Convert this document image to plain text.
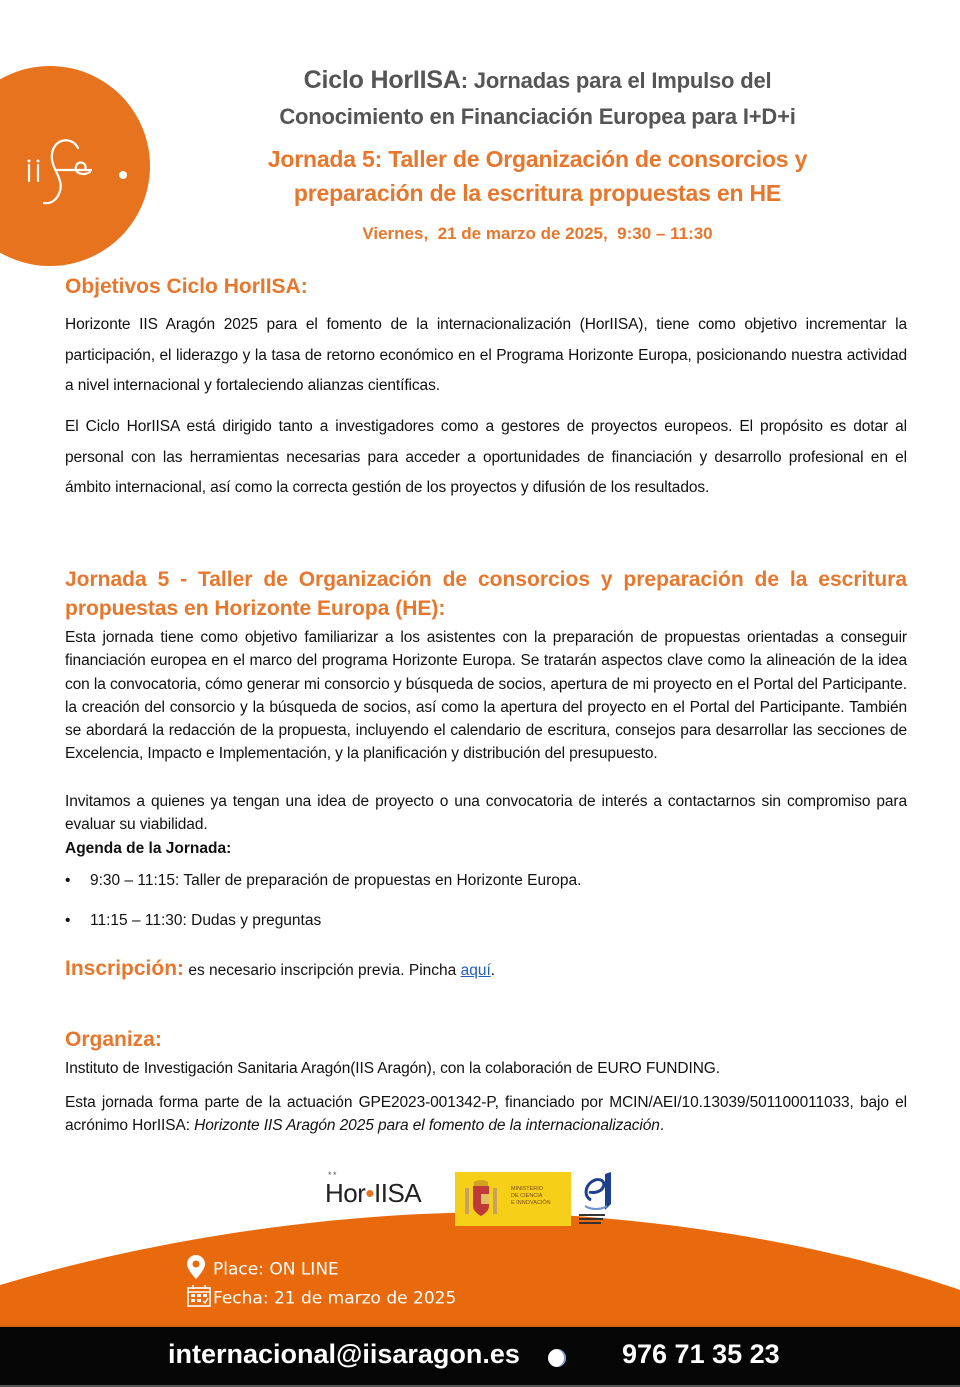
Ciclo HorIISA: Jornadas para el Impulso del
Conocimiento en Financiación Europea para I+D+i
Jornada 5: Taller de Organización de consorcios y
preparación de la escritura propuestas en HE
Viernes,  21 de marzo de 2025,  9:30 – 11:30
Objetivos Ciclo HorIISA:
Horizonte IIS Aragón 2025 para el fomento de la internacionalización (HorIISA), tiene como objetivo incrementar la participación, el liderazgo y la tasa de retorno económico en el Programa Horizonte Europa, posicionando nuestra actividad a nivel internacional y fortaleciendo alianzas científicas.
El Ciclo HorIISA está dirigido tanto a investigadores como a gestores de proyectos europeos. El propósito es dotar al personal con las herramientas necesarias para acceder a oportunidades de financiación y desarrollo profesional en el ámbito internacional, así como la correcta gestión de los proyectos y difusión de los resultados.
Jornada 5 - Taller de Organización de consorcios y preparación de la escritura propuestas en Horizonte Europa (HE):
Esta jornada tiene como objetivo familiarizar a los asistentes con la preparación de propuestas orientadas a conseguir financiación europea en el marco del programa Horizonte Europa. Se tratarán aspectos clave como la alineación de la idea con la convocatoria, cómo generar mi consorcio y búsqueda de socios, apertura de mi proyecto en el Portal del Participante. la creación del consorcio y la búsqueda de socios, así como la apertura del proyecto en el Portal del Participante. También se abordará la redacción de la propuesta, incluyendo el calendario de escritura, consejos para desarrollar las secciones de Excelencia, Impacto e Implementación, y la planificación y distribución del presupuesto.
Invitamos a quienes ya tengan una idea de proyecto o una convocatoria de interés a contactarnos sin compromiso para evaluar su viabilidad.
Agenda de la Jornada:
• 9:30 – 11:15: Taller de preparación de propuestas en Horizonte Europa.
• 11:15 – 11:30: Dudas y preguntas
Inscripción: es necesario inscripción previa. Pincha aquí.
Organiza:
Instituto de Investigación Sanitaria Aragón(IIS Aragón), con la colaboración de EURO FUNDING.
Esta jornada forma parte de la actuación GPE2023-001342-P, financiado por MCIN/AEI/10.13039/501100011033, bajo el acrónimo HorIISA: Horizonte IIS Aragón 2025 para el fomento de la internacionalización.
* *
Hor•IISA	MINISTERIO
DE CIENCIA
E INNOVACIÓN
Place: ON LINE
Fecha: 21 de marzo de 2025
internacional@iisaragon.es	976 71 35 23
